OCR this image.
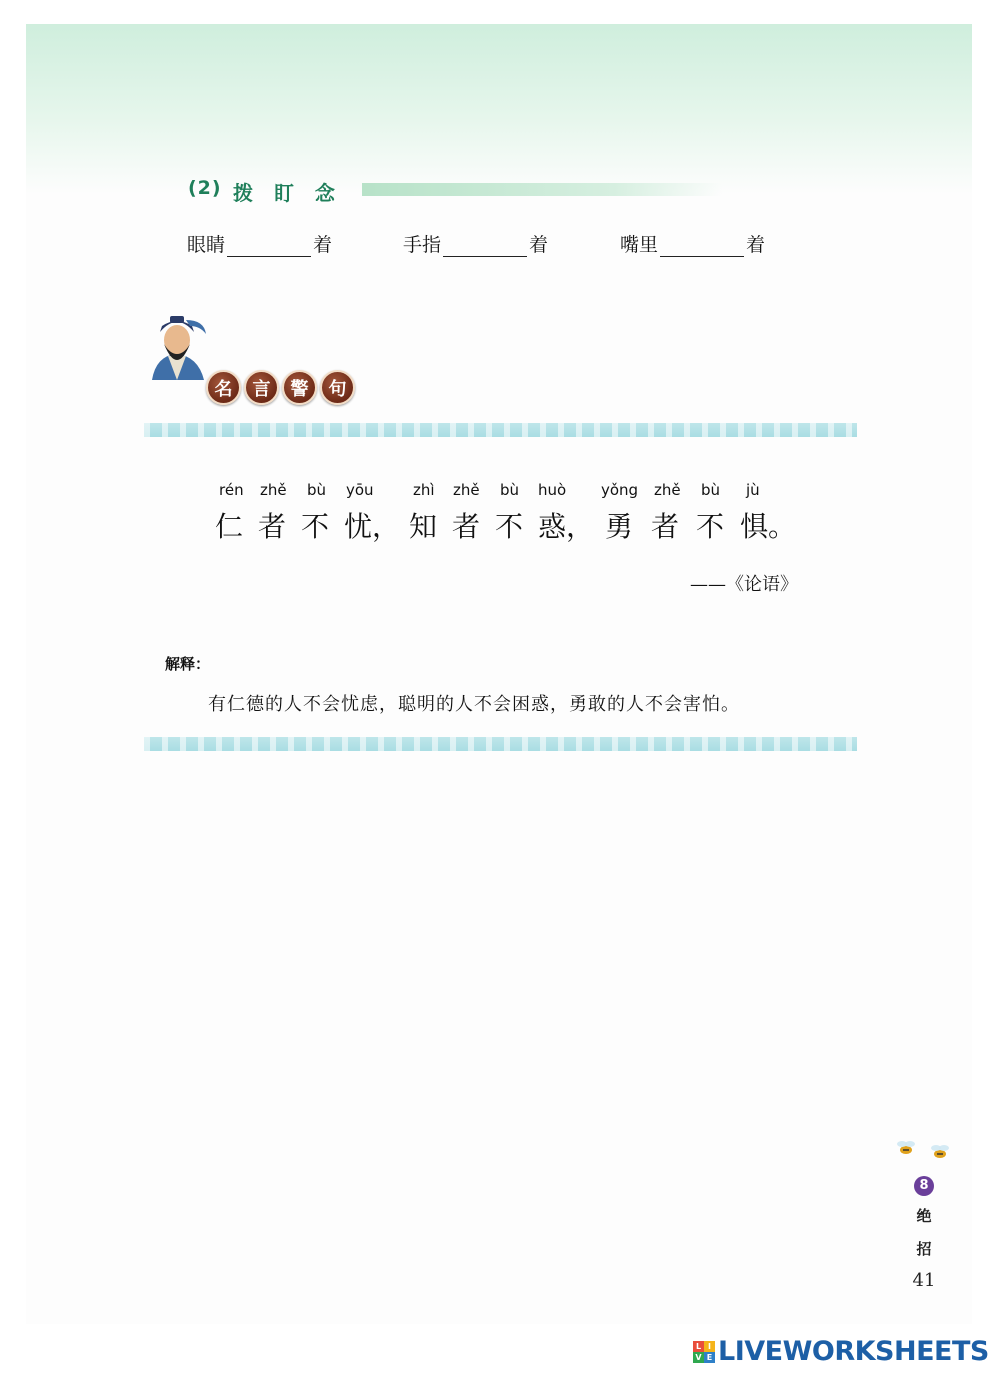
(2) 拨 盯 念
眼睛	着	手指	着	嘴里	着
名	言	警	句
rén zhě bù yōu	zhì zhě bù huò yǒng zhě bù jù
仁 者 不 忧， 知 者 不 惑， 勇 者 不 惧。
——《论语》
解释：
有仁德的人不会忧虑，聪明的人不会困惑，勇敢的人不会害怕。
8
绝
招
41
L I
V E LIVEWORKSHEETS
